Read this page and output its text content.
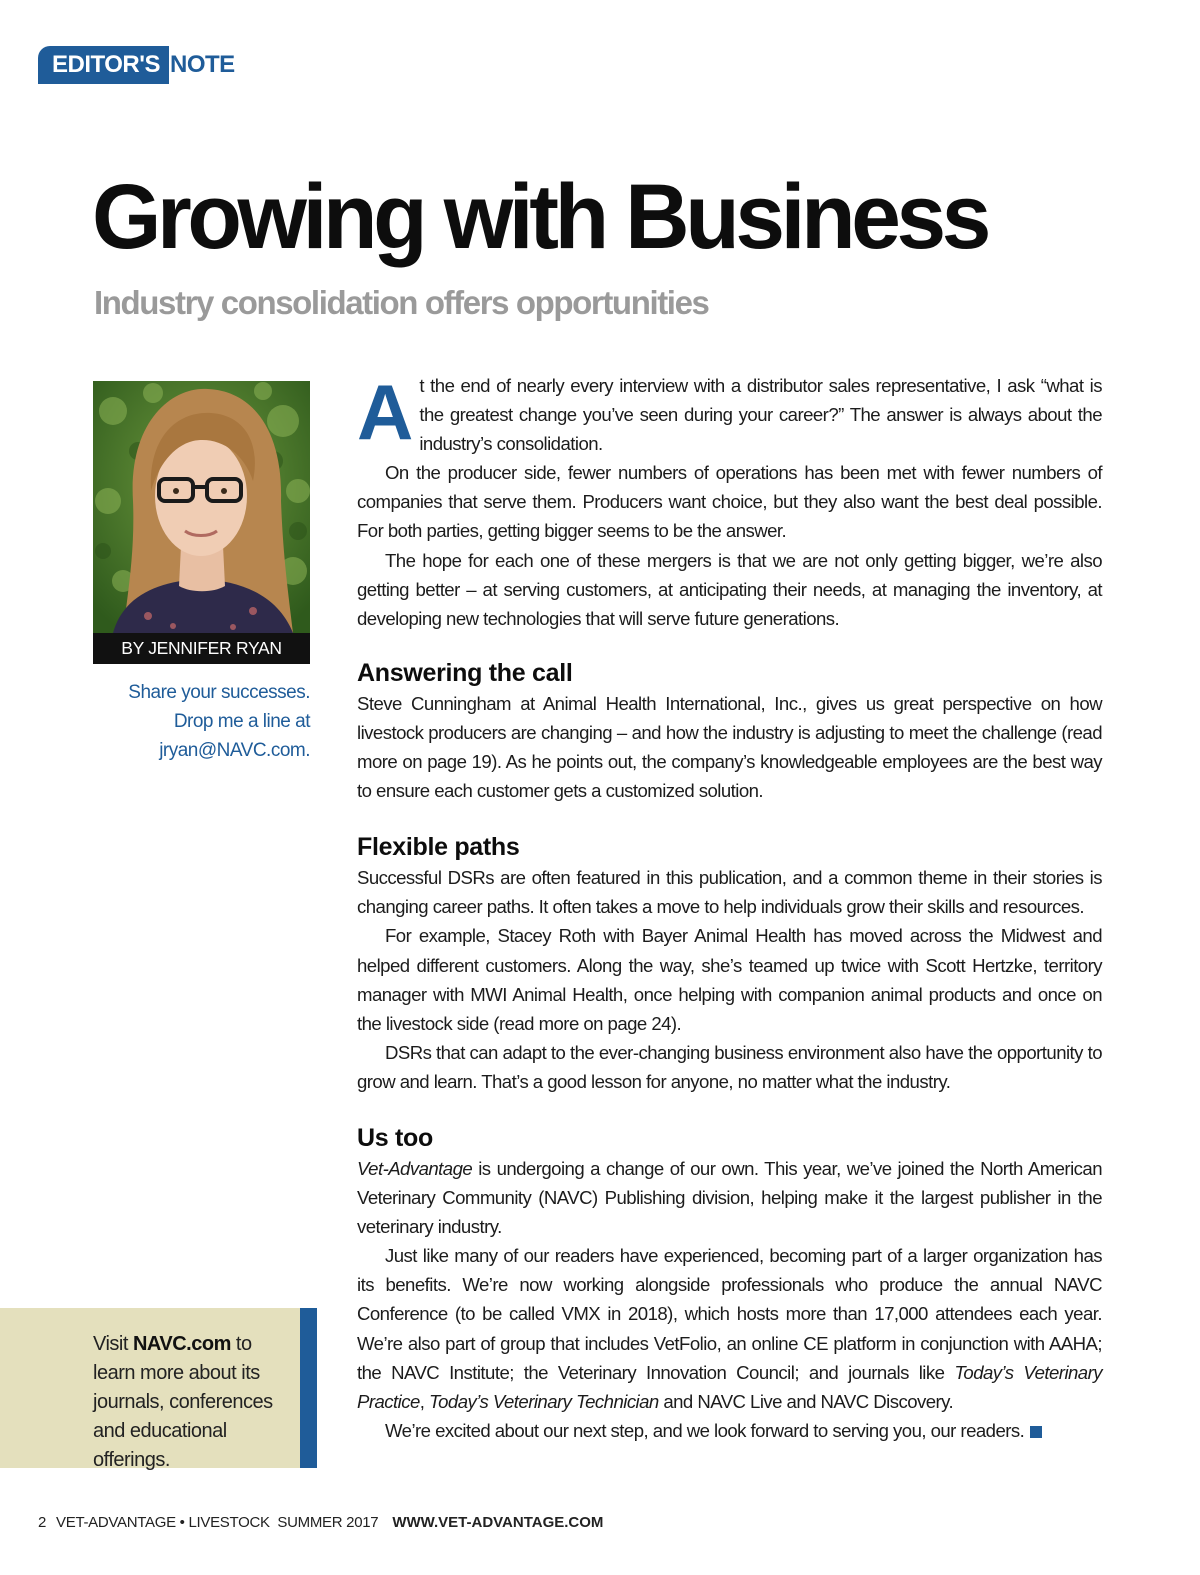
EDITOR'S NOTE
Growing with Business
Industry consolidation offers opportunities
BY JENNIFER RYAN
Share your successes.
Drop me a line at
jryan@NAVC.com.
Visit NAVC.com to learn more about its journals, conferences and educational offerings.

At the end of nearly every interview with a distributor sales representative, I ask “what is the greatest change you’ve seen during your career?” The answer is always about the industry’s consolidation.

On the producer side, fewer numbers of operations has been met with fewer numbers of companies that serve them. Producers want choice, but they also want the best deal possible. For both parties, getting bigger seems to be the answer.

The hope for each one of these mergers is that we are not only getting bigger, we’re also getting better – at serving customers, at anticipating their needs, at managing the inventory, at developing new technologies that will serve future generations.

Answering the call

Steve Cunningham at Animal Health International, Inc., gives us great perspective on how livestock producers are changing – and how the industry is adjusting to meet the challenge (read more on page 19). As he points out, the company’s knowledgeable employees are the best way to ensure each customer gets a customized solution.

Flexible paths

Successful DSRs are often featured in this publication, and a common theme in their stories is changing career paths. It often takes a move to help individuals grow their skills and resources.

For example, Stacey Roth with Bayer Animal Health has moved across the Midwest and helped different customers. Along the way, she’s teamed up twice with Scott Hertzke, territory manager with MWI Animal Health, once helping with companion animal products and once on the livestock side (read more on page 24).

DSRs that can adapt to the ever-changing business environment also have the opportunity to grow and learn. That’s a good lesson for anyone, no matter what the industry.

Us too

Vet-Advantage is undergoing a change of our own. This year, we’ve joined the North American Veterinary Community (NAVC) Publishing division, helping make it the largest publisher in the veterinary industry.

Just like many of our readers have experienced, becoming part of a larger organization has its benefits. We’re now working alongside professionals who produce the annual NAVC Conference (to be called VMX in 2018), which hosts more than 17,000 attendees each year. We’re also part of group that includes VetFolio, an online CE platform in conjunction with AAHA; the NAVC Institute; the Veterinary Innovation Council; and journals like Today’s Veterinary Practice, Today’s Veterinary Technician and NAVC Live and NAVC Discovery.

We’re excited about our next step, and we look forward to serving you, our readers.

2 VET-ADVANTAGE • LIVESTOCK  SUMMER 2017 WWW.VET-ADVANTAGE.COM
